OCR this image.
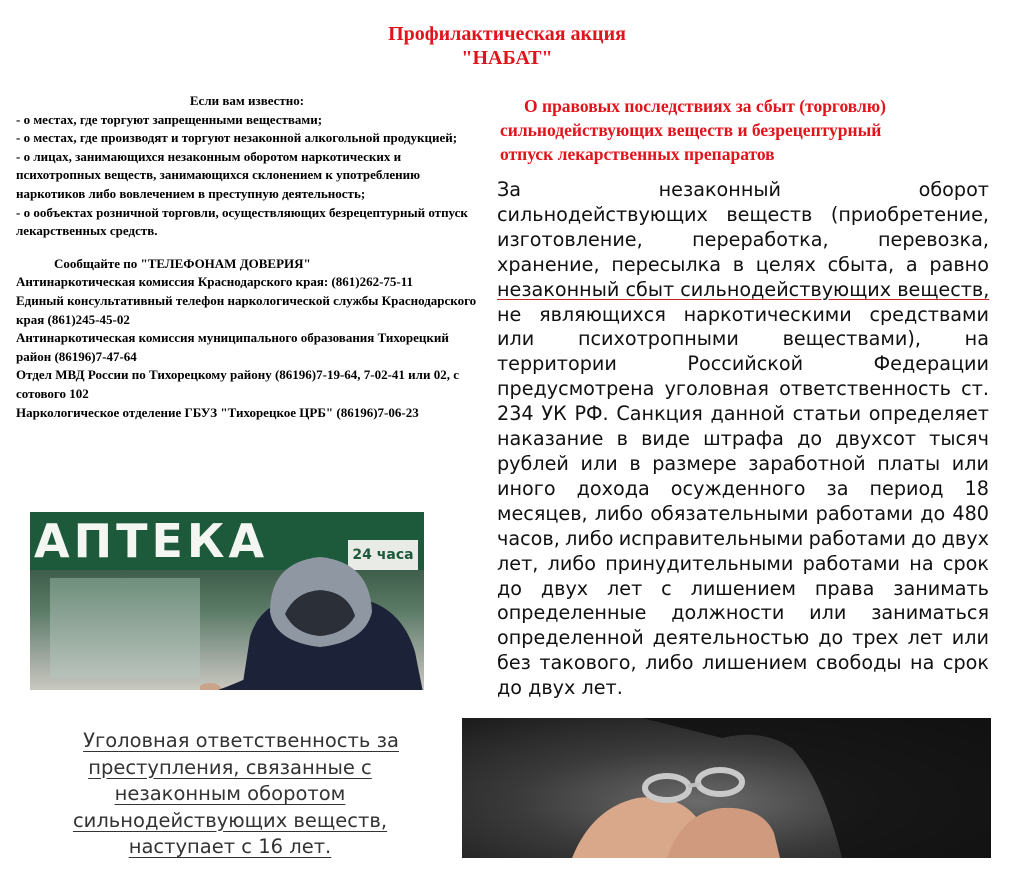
Профилактическая акция
"НАБАТ"

Если вам известно:

- о местах, где торгуют запрещенными веществами;

- о местах, где производят и торгуют незаконной алкогольной продукцией;

- о лицах, занимающихся незаконным оборотом наркотических и психотропных веществ, занимающихся склонением к употреблению наркотиков либо вовлечением в преступную деятельность;

- о ообъектах розничной торговли, осуществляющих безрецептурный отпуск лекарственных средств.

Сообщайте по "ТЕЛЕФОНАМ ДОВЕРИЯ"

Антинаркотическая комиссия Краснодарского края: (861)262-75-11

Единый консультативный телефон наркологической службы Краснодарского края (861)245-45-02

Антинаркотическая комиссия муниципального образования Тихорецкий район (86196)7-47-64

Отдел МВД России по Тихорецкому району (86196)7-19-64, 7-02-41 или 02, с сотового 102

Наркологическое отделение ГБУЗ "Тихорецкое ЦРБ" (86196)7-06-23

О правовых последствиях за сбыт (торговлю)
сильнодействующих веществ и безрецептурный
отпуск лекарственных препаратов
За	незаконный	оборот
сильнодействующих веществ (приобретение,
изготовление,	переработка,	перевозка,
хранение, пересылка в целях сбыта, а равно
незаконный сбыт сильнодействующих веществ,
не являющихся наркотическими средствами
или психотропными веществами), на
территории	Российской	Федерации
предусмотрена уголовная ответственность ст.
234 УК РФ. Санкция данной статьи определяет
наказание в виде штрафа до двухсот тысяч
рублей или в размере заработной платы или
иного дохода осужденного за период 18
месяцев, либо обязательными работами до 480
часов, либо исправительными работами до двух
лет, либо принудительными работами на срок
до двух лет с лишением права занимать
определенные должности или заниматься
определенной деятельностью до трех лет или
без такового, либо лишением свободы на срок
до двух лет.
АПТЕКА	24 часа
Уголовная ответственность за
преступления, связанные с
незаконным оборотом
сильнодействующих веществ,
наступает с 16 лет.
